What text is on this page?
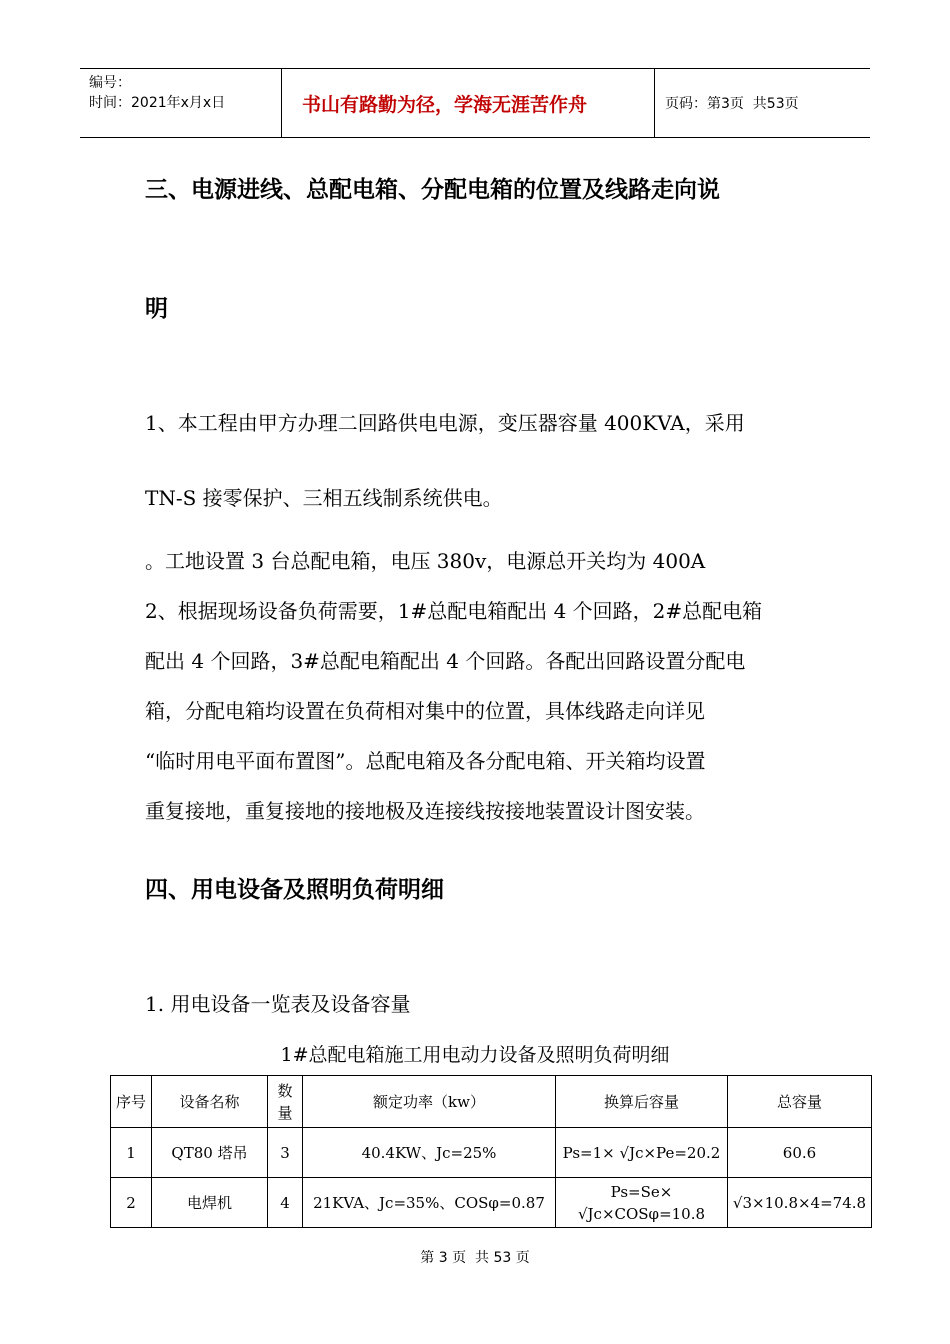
编号：
时间：2021年x月x日	书山有路勤为径，学海无涯苦作舟	页码：第3页  共53页
三、电源进线、总配电箱、分配电箱的位置及线路走向说
明
1、本工程由甲方办理二回路供电电源，变压器容量 400KVA，采用
TN-S 接零保护、三相五线制系统供电。
。工地设置 3 台总配电箱，电压 380v，电源总开关均为 400A
2、根据现场设备负荷需要，1#总配电箱配出 4 个回路，2#总配电箱
配出 4 个回路，3#总配电箱配出 4 个回路。各配出回路设置分配电
箱，分配电箱均设置在负荷相对集中的位置，具体线路走向详见
“临时用电平面布置图”。总配电箱及各分配电箱、开关箱均设置
重复接地，重复接地的接地极及连接线按接地装置设计图安装。
四、用电设备及照明负荷明细
1. 用电设备一览表及设备容量
1#总配电箱施工用电动力设备及照明负荷明细
序号	设备名称	数量	额定功率（kw）	换算后容量	总容量
1	QT80 塔吊	3	40.4KW、Jc=25%	Ps=1× √Jc×Pe=20.2	60.6
2	电焊机	4	21KVA、Jc=35%、COSφ=0.87	Ps=Se× √Jc×COSφ=10.8	√3×10.8×4=74.8
第 3 页  共 53 页
